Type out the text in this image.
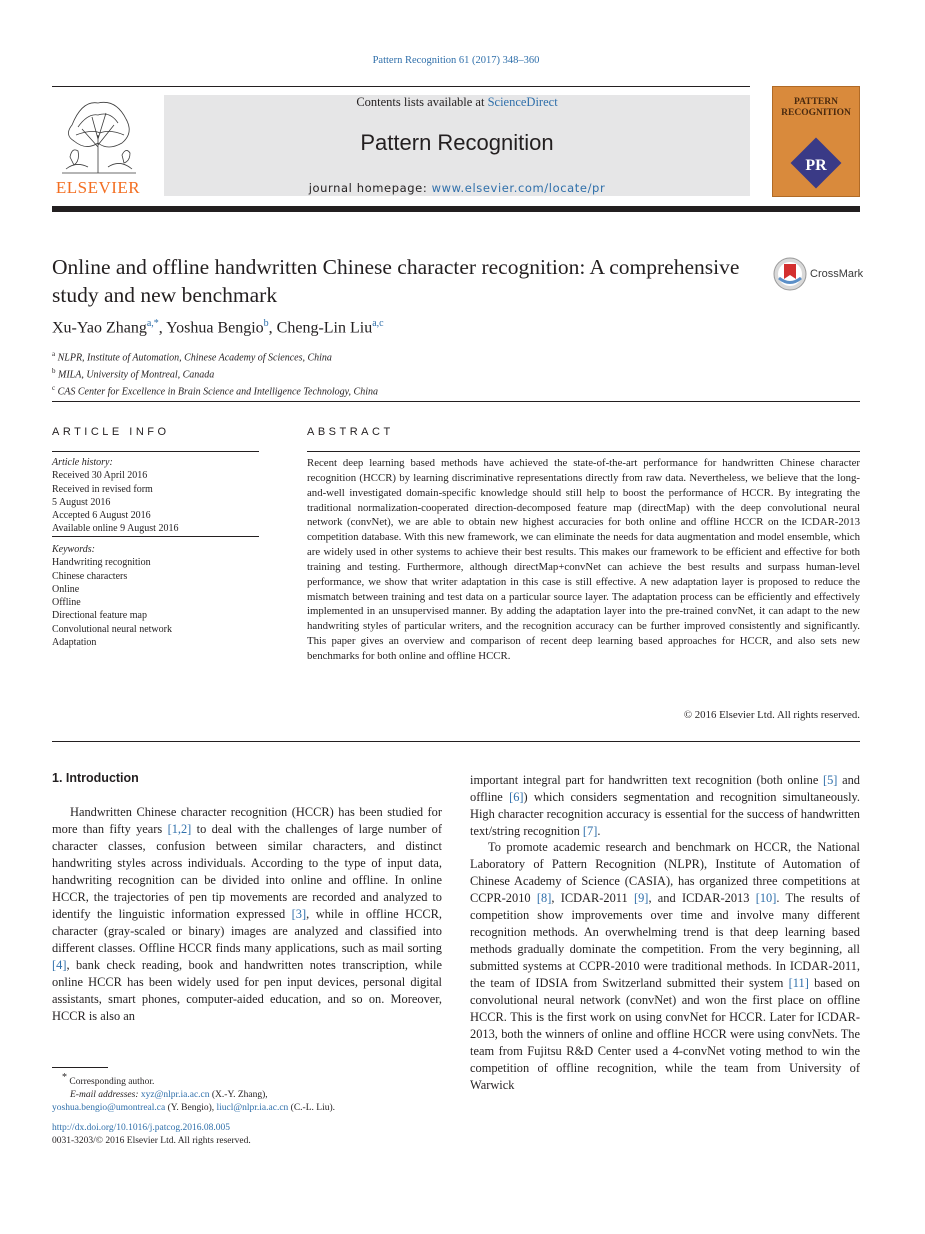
Pattern Recognition 61 (2017) 348–360
ELSEVIER
Contents lists available at ScienceDirect
Pattern Recognition
journal homepage: www.elsevier.com/locate/pr
PATTERN RECOGNITION
PR
Online and offline handwritten Chinese character recognition: A comprehensive study and new benchmark
CrossMark
Xu-Yao Zhang$^{a,*}$, Yoshua Bengio$^b$, Cheng-Lin Liu$^{a,c}$
$^a$ NLPR, Institute of Automation, Chinese Academy of Sciences, China
$^b$ MILA, University of Montreal, Canada
$^c$ CAS Center for Excellence in Brain Science and Intelligence Technology, China
ARTICLE INFO
Article history:
Received 30 April 2016
Received in revised form
5 August 2016
Accepted 6 August 2016
Available online 9 August 2016
Keywords:
Handwriting recognition
Chinese characters
Online
Offline
Directional feature map
Convolutional neural network
Adaptation
ABSTRACT
Recent deep learning based methods have achieved the state-of-the-art performance for handwritten Chinese character recognition (HCCR) by learning discriminative representations directly from raw data. Nevertheless, we believe that the long-and-well investigated domain-specific knowledge should still help to boost the performance of HCCR. By integrating the traditional normalization-cooperated direction-decomposed feature map (directMap) with the deep convolutional neural network (convNet), we are able to obtain new highest accuracies for both online and offline HCCR on the ICDAR-2013 competition database. With this new framework, we can eliminate the needs for data augmentation and model ensemble, which are widely used in other systems to achieve their best results. This makes our framework to be efficient and effective for both training and testing. Furthermore, although directMap+convNet can achieve the best results and surpass human-level performance, we show that writer adaptation in this case is still effective. A new adaptation layer is proposed to reduce the mismatch between training and test data on a particular source layer. The adaptation process can be efficiently and effectively implemented in an unsupervised manner. By adding the adaptation layer into the pre-trained convNet, it can adapt to the new handwriting styles of particular writers, and the recognition accuracy can be further improved consistently and significantly. This paper gives an overview and comparison of recent deep learning based approaches for HCCR, and also sets new benchmarks for both online and offline HCCR.
© 2016 Elsevier Ltd. All rights reserved.
1. Introduction
Handwritten Chinese character recognition (HCCR) has been studied for more than fifty years [1,2] to deal with the challenges of large number of character classes, confusion between similar characters, and distinct handwriting styles across individuals. According to the type of input data, handwriting recognition can be divided into online and offline. In online HCCR, the trajectories of pen tip movements are recorded and analyzed to identify the linguistic information expressed [3], while in offline HCCR, character (gray-scaled or binary) images are analyzed and classified into different classes. Offline HCCR finds many applications, such as mail sorting [4], bank check reading, book and handwritten notes transcription, while online HCCR has been widely used for pen input devices, personal digital assistants, smart phones, computer-aided education, and so on. Moreover, HCCR is also an
important integral part for handwritten text recognition (both online [5] and offline [6]) which considers segmentation and recognition simultaneously. High character recognition accuracy is essential for the success of handwritten text/string recognition [7].
To promote academic research and benchmark on HCCR, the National Laboratory of Pattern Recognition (NLPR), Institute of Automation of Chinese Academy of Science (CASIA), has organized three competitions at CCPR-2010 [8], ICDAR-2011 [9], and ICDAR-2013 [10]. The results of competition show improvements over time and involve many different recognition methods. An overwhelming trend is that deep learning based methods gradually dominate the competition. From the very beginning, all submitted systems at CCPR-2010 were traditional methods. In ICDAR-2011, the team of IDSIA from Switzerland submitted their system [11] based on convolutional neural network (convNet) and won the first place on offline HCCR. This is the first work on using convNet for HCCR. Later for ICDAR-2013, both the winners of online and offline HCCR were using convNets. The team from Fujitsu R&D Center used a 4-convNet voting method to win the competition of offline recognition, while the team from University of Warwick
* Corresponding author.
E-mail addresses: xyz@nlpr.ia.ac.cn (X.-Y. Zhang),
yoshua.bengio@umontreal.ca (Y. Bengio), liucl@nlpr.ia.ac.cn (C.-L. Liu).
http://dx.doi.org/10.1016/j.patcog.2016.08.005
0031-3203/© 2016 Elsevier Ltd. All rights reserved.
